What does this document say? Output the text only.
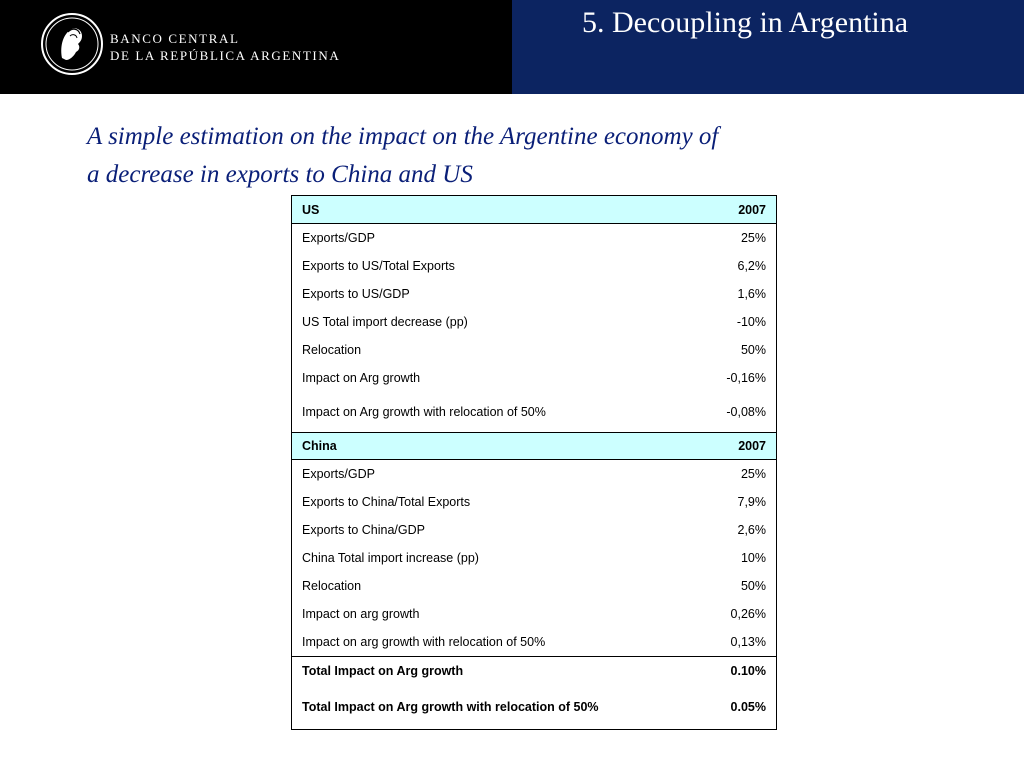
BANCO CENTRAL
DE LA REPÚBLICA ARGENTINA
5. Decoupling in Argentina
A simple estimation on the impact on the Argentine economy of
a decrease in exports to China and US
US	2007
Exports/GDP	25%
Exports to US/Total Exports	6,2%
Exports to US/GDP	1,6%
US Total import decrease (pp)	-10%
Relocation	50%
Impact on Arg growth	-0,16%
Impact on Arg growth with relocation of 50%	-0,08%
China	2007
Exports/GDP	25%
Exports to China/Total Exports	7,9%
Exports to China/GDP	2,6%
China Total import increase (pp)	10%
Relocation	50%
Impact on arg growth	0,26%
Impact on arg growth with relocation of 50%	0,13%
Total Impact on Arg growth	0.10%
Total Impact on Arg growth with relocation of 50%	0.05%
